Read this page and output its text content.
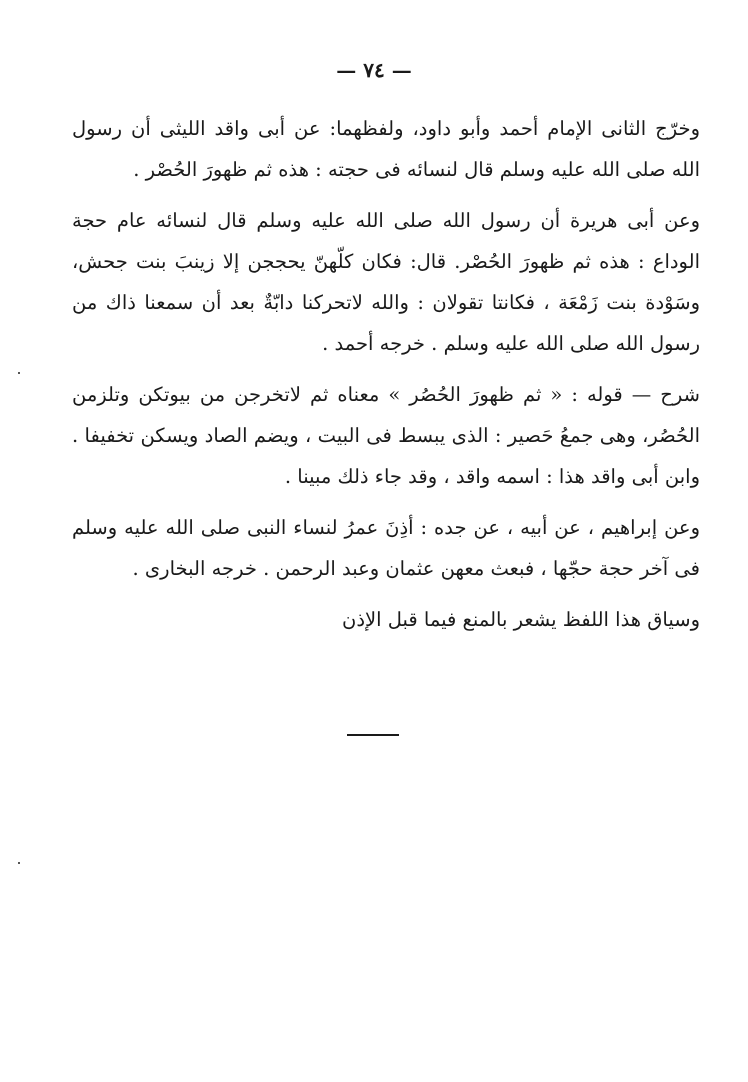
— ٧٤ —

وخرّج الثانى الإمام أحمد وأبو داود، ولفظهما: عن أبى واقد الليثى أن رسول الله صلى الله عليه وسلم قال لنسائه فى حجته : هذه ثم ظهورَ الحُصْر .

وعن أبى هريرة أن رسول الله صلى الله عليه وسلم قال لنسائه عام حجة الوداع : هذه ثم ظهورَ الحُصْر. قال: فكان كلّهنّ يحججن إلا زينبَ بنت جحش، وسَوْدة بنت زَمْعَة ، فكانتا تقولان : والله لاتحركنا دابّةٌ بعد أن سمعنا ذاك من رسول الله صلى الله عليه وسلم . خرجه أحمد .

شرح — قوله : « ثم ظهورَ الحُصُر » معناه ثم لاتخرجن من بيوتكن وتلزمن الحُصُر، وهى جمعُ حَصير : الذى يبسط فى البيت ، ويضم الصاد ويسكن تخفيفا . وابن أبى واقد هذا : اسمه واقد ، وقد جاء ذلك مبينا .

وعن إبراهيم ، عن أبيه ، عن جده : أذِنَ عمرُ لنساء النبى صلى الله عليه وسلم فى آخر حجة حجّها ، فبعث معهن عثمان وعبد الرحمن . خرجه البخارى .

وسياق هذا اللفظ يشعر بالمنع فيما قبل الإذن
